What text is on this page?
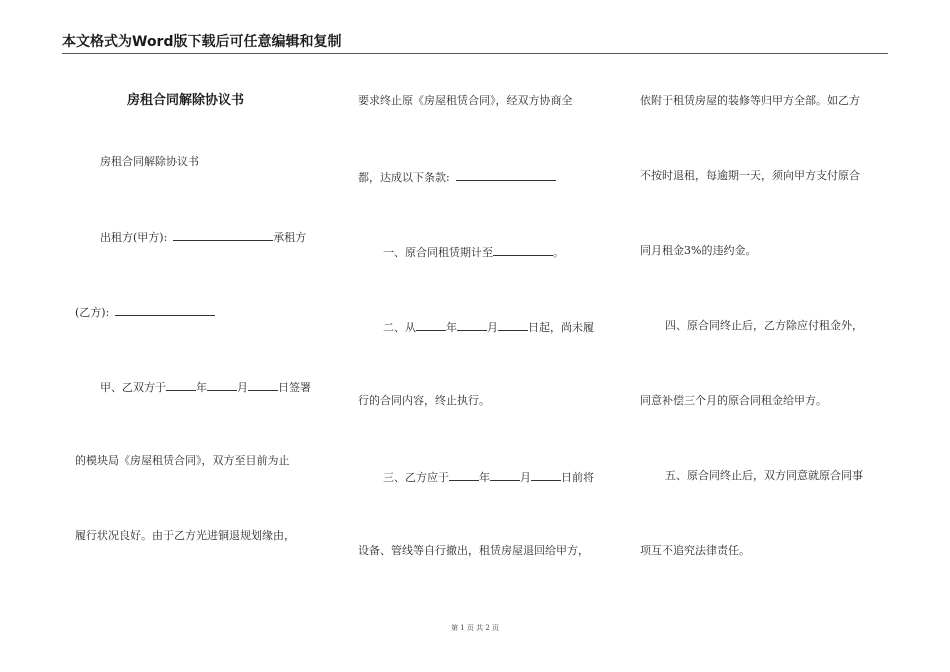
本文格式为Word版下载后可任意编辑和复制
房租合同解除协议书
房租合同解除协议书
出租方(甲方):	承租方
(乙方):
甲、乙双方于	年	月	日签署
的模块局《房屋租赁合同》，双方至目前为止
履行状况良好。由于乙方光进铜退规划缘由，
要求终止原《房屋租赁合同》，经双方协商全
都，达成以下条款:
一、原合同租赁期计至	。
二、从	年	月	日起，尚未履
行的合同内容，终止执行。
三、乙方应于	年	月	日前将
设备、管线等自行撤出，租赁房屋退回给甲方，
依附于租赁房屋的装修等归甲方全部。如乙方
不按时退租，每逾期一天，须向甲方支付原合
同月租金3%的违约金。
四、原合同终止后，乙方除应付租金外，
同意补偿三个月的原合同租金给甲方。
五、原合同终止后，双方同意就原合同事
项互不追究法律责任。
第 1 页 共 2 页
